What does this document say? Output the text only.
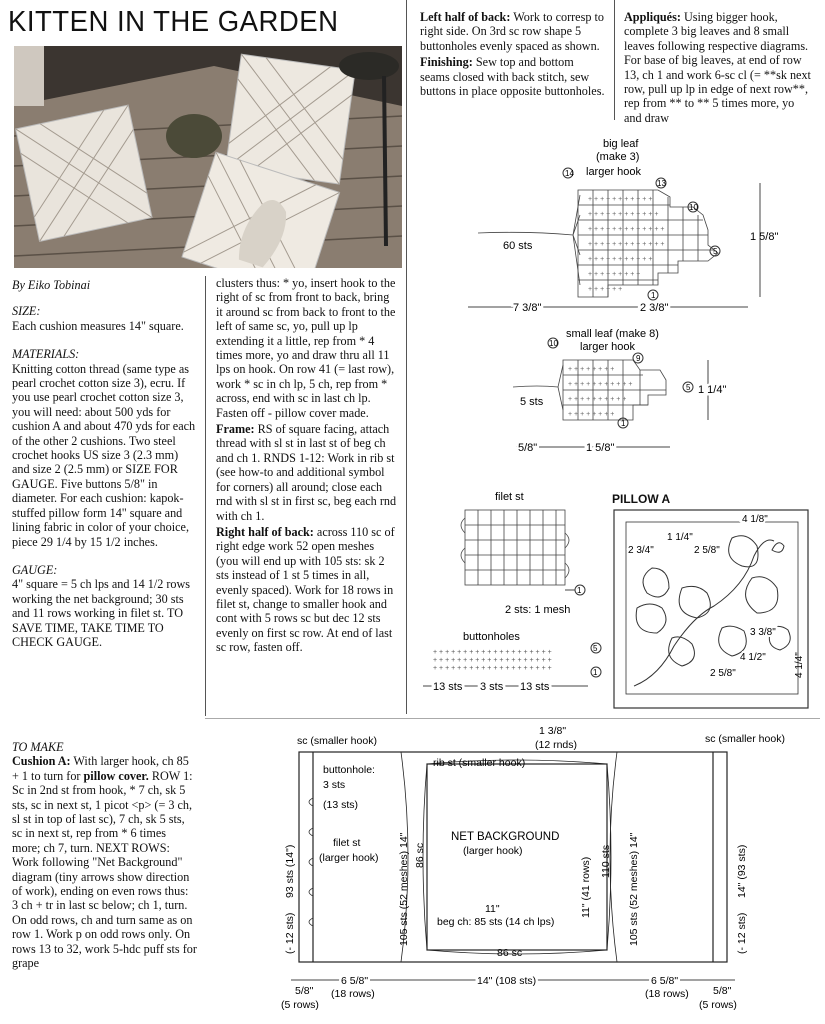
KITTEN IN THE GARDEN

By Eiko Tobinai

SIZE:

Each cushion measures 14" square.

MATERIALS:

Knitting cotton thread (same type as pearl crochet cotton size 3), ecru. If you use pearl crochet cotton size 3, you will need: about 500 yds for cushion A and about 470 yds for each of the other 2 cushions. Two steel crochet hooks US size 3 (2.3 mm) and size 2 (2.5 mm) or SIZE FOR GAUGE. Five buttons 5/8" in diameter. For each cushion: kapok-stuffed pillow form 14" square and lining fabric in color of your choice, piece 29 1/4 by 15 1/2 inches.

GAUGE:

4" square = 5 ch lps and 14 1/2 rows working the net background; 30 sts and 11 rows working in filet st. TO SAVE TIME, TAKE TIME TO CHECK GAUGE.

TO MAKE

Cushion A: With larger hook, ch 85 + 1 to turn for pillow cover. ROW 1: Sc in 2nd st from hook, * 7 ch, sk 5 sts, sc in next st, 1 picot <p> (= 3 ch, sl st in top of last sc), 7 ch, sk 5 sts, sc in next st, rep from * 6 times more; ch 7, turn. NEXT ROWS: Work following "Net Background" diagram (tiny arrows show direction of work), ending on even rows thus: 3 ch + tr in last sc below; ch 1, turn. On odd rows, ch and turn same as on row 1. Work p on odd rows only. On rows 13 to 32, work 5-hdc puff sts for grape

clusters thus: * yo, insert hook to the right of sc from front to back, bring it around sc from back to front to the left of same sc, yo, pull up lp extending it a little, rep from * 4 times more, yo and draw thru all 11 lps on hook. On row 41 (= last row), work * sc in ch lp, 5 ch, rep from * across, end with sc in last ch lp. Fasten off - pillow cover made.

Frame: RS of square facing, attach thread with sl st in last st of beg ch and ch 1. RNDS 1-12: Work in rib st (see how-to and additional symbol for corners) all around; close each rnd with sl st in first sc, beg each rnd with ch 1.

Right half of back: across 110 sc of right edge work 52 open meshes (you will end up with 105 sts: sk 2 sts instead of 1 st 5 times in all, evenly spaced). Work for 18 rows in filet st, change to smaller hook and cont with 5 rows sc but dec 12 sts evenly on first sc row. At end of last sc row, fasten off.

Left half of back: Work to corresp to right side. On 3rd sc row shape 5 buttonholes evenly spaced as shown.

Finishing: Sew top and bottom seams closed with back stitch, sew buttons in place opposite buttonholes.

Appliqués: Using bigger hook, complete 3 big leaves and 8 small leaves following respective diagrams. For base of big leaves, at end of row 13, ch 1 and work 6-sc cl (= **sk next row, pull up lp in edge of next row**, rep from ** to ** 5 times more, yo and draw

big leaf
(make 3)
larger hook
+ + + + + + + + + + +
+ + + + + + + + + + + +
+ + + + + + + + + + + + +
+ + + + + + + + + + + + +
+ + + + + + + + + + +
+ + + + + + + + +
+ + + + + +
14
13
10
5
1
60 sts
1 5/8"
7 3/8"	2 3/8"
small leaf (make 8)
larger hook
+ + + + + + + +
+ + + + + + + + + + +
+ + + + + + + + + +
+ + + + + + + +
10
9
5
1
5 sts
1 1/4"
5/8"	1 5/8"
filet st
1
2 sts: 1 mesh
buttonholes
+ + + + + + + + + + + + + + + + + + + +
+ + + + + + + + + + + + + + + + + + + +
+ + + + + + + + + + + + + + + + + + + +
5
1
13 sts 3 sts 13 sts
PILLOW A
4 1/8"
1 1/4"
2 3/4"	2 5/8"
3 3/8"
4 1/2"
2 5/8"	4 1/4"
sc (smaller hook)	sc (smaller hook)
1 3/8"
(12 rnds)
buttonhole:
3 sts
(13 sts)
filet st
(larger hook)
rib st (smaller hook)
NET BACKGROUND
(larger hook)
11"
beg ch: 85 sts (14 ch lps)
86 sc
86 sc
11" (41 rows) 110 sts
93 sts (14")
(- 12 sts)	105 sts (52 meshes) 14"	105 sts (52 meshes) 14"	14" (93 sts)
(- 12 sts)
5/8"
(5 rows)
6 5/8"
(18 rows)
14" (108 sts)	6 5/8"
(18 rows) 5/8"
(5 rows)
